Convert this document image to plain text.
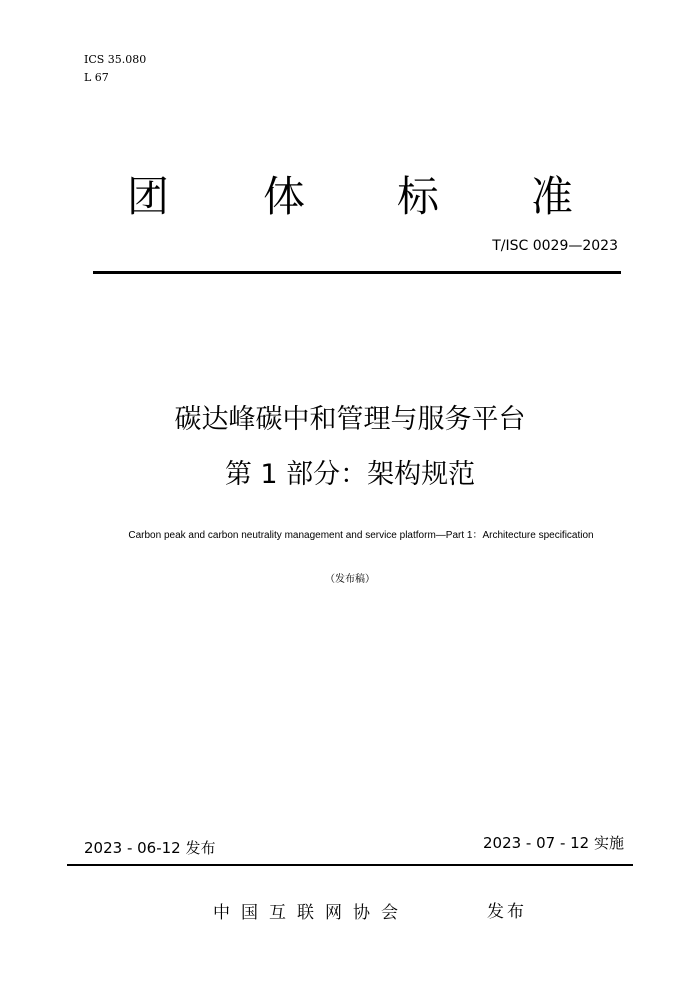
ICS 35.080
L 67
团 体 标 准
T/ISC 0029—2023
碳达峰碳中和管理与服务平台
第 1 部分：架构规范
Carbon peak and carbon neutrality management and service platform—Part 1：Architecture specification
（发布稿）
2023 - 06-12 发布	2023 - 07 - 12 实施
中国互联网协会	发布
